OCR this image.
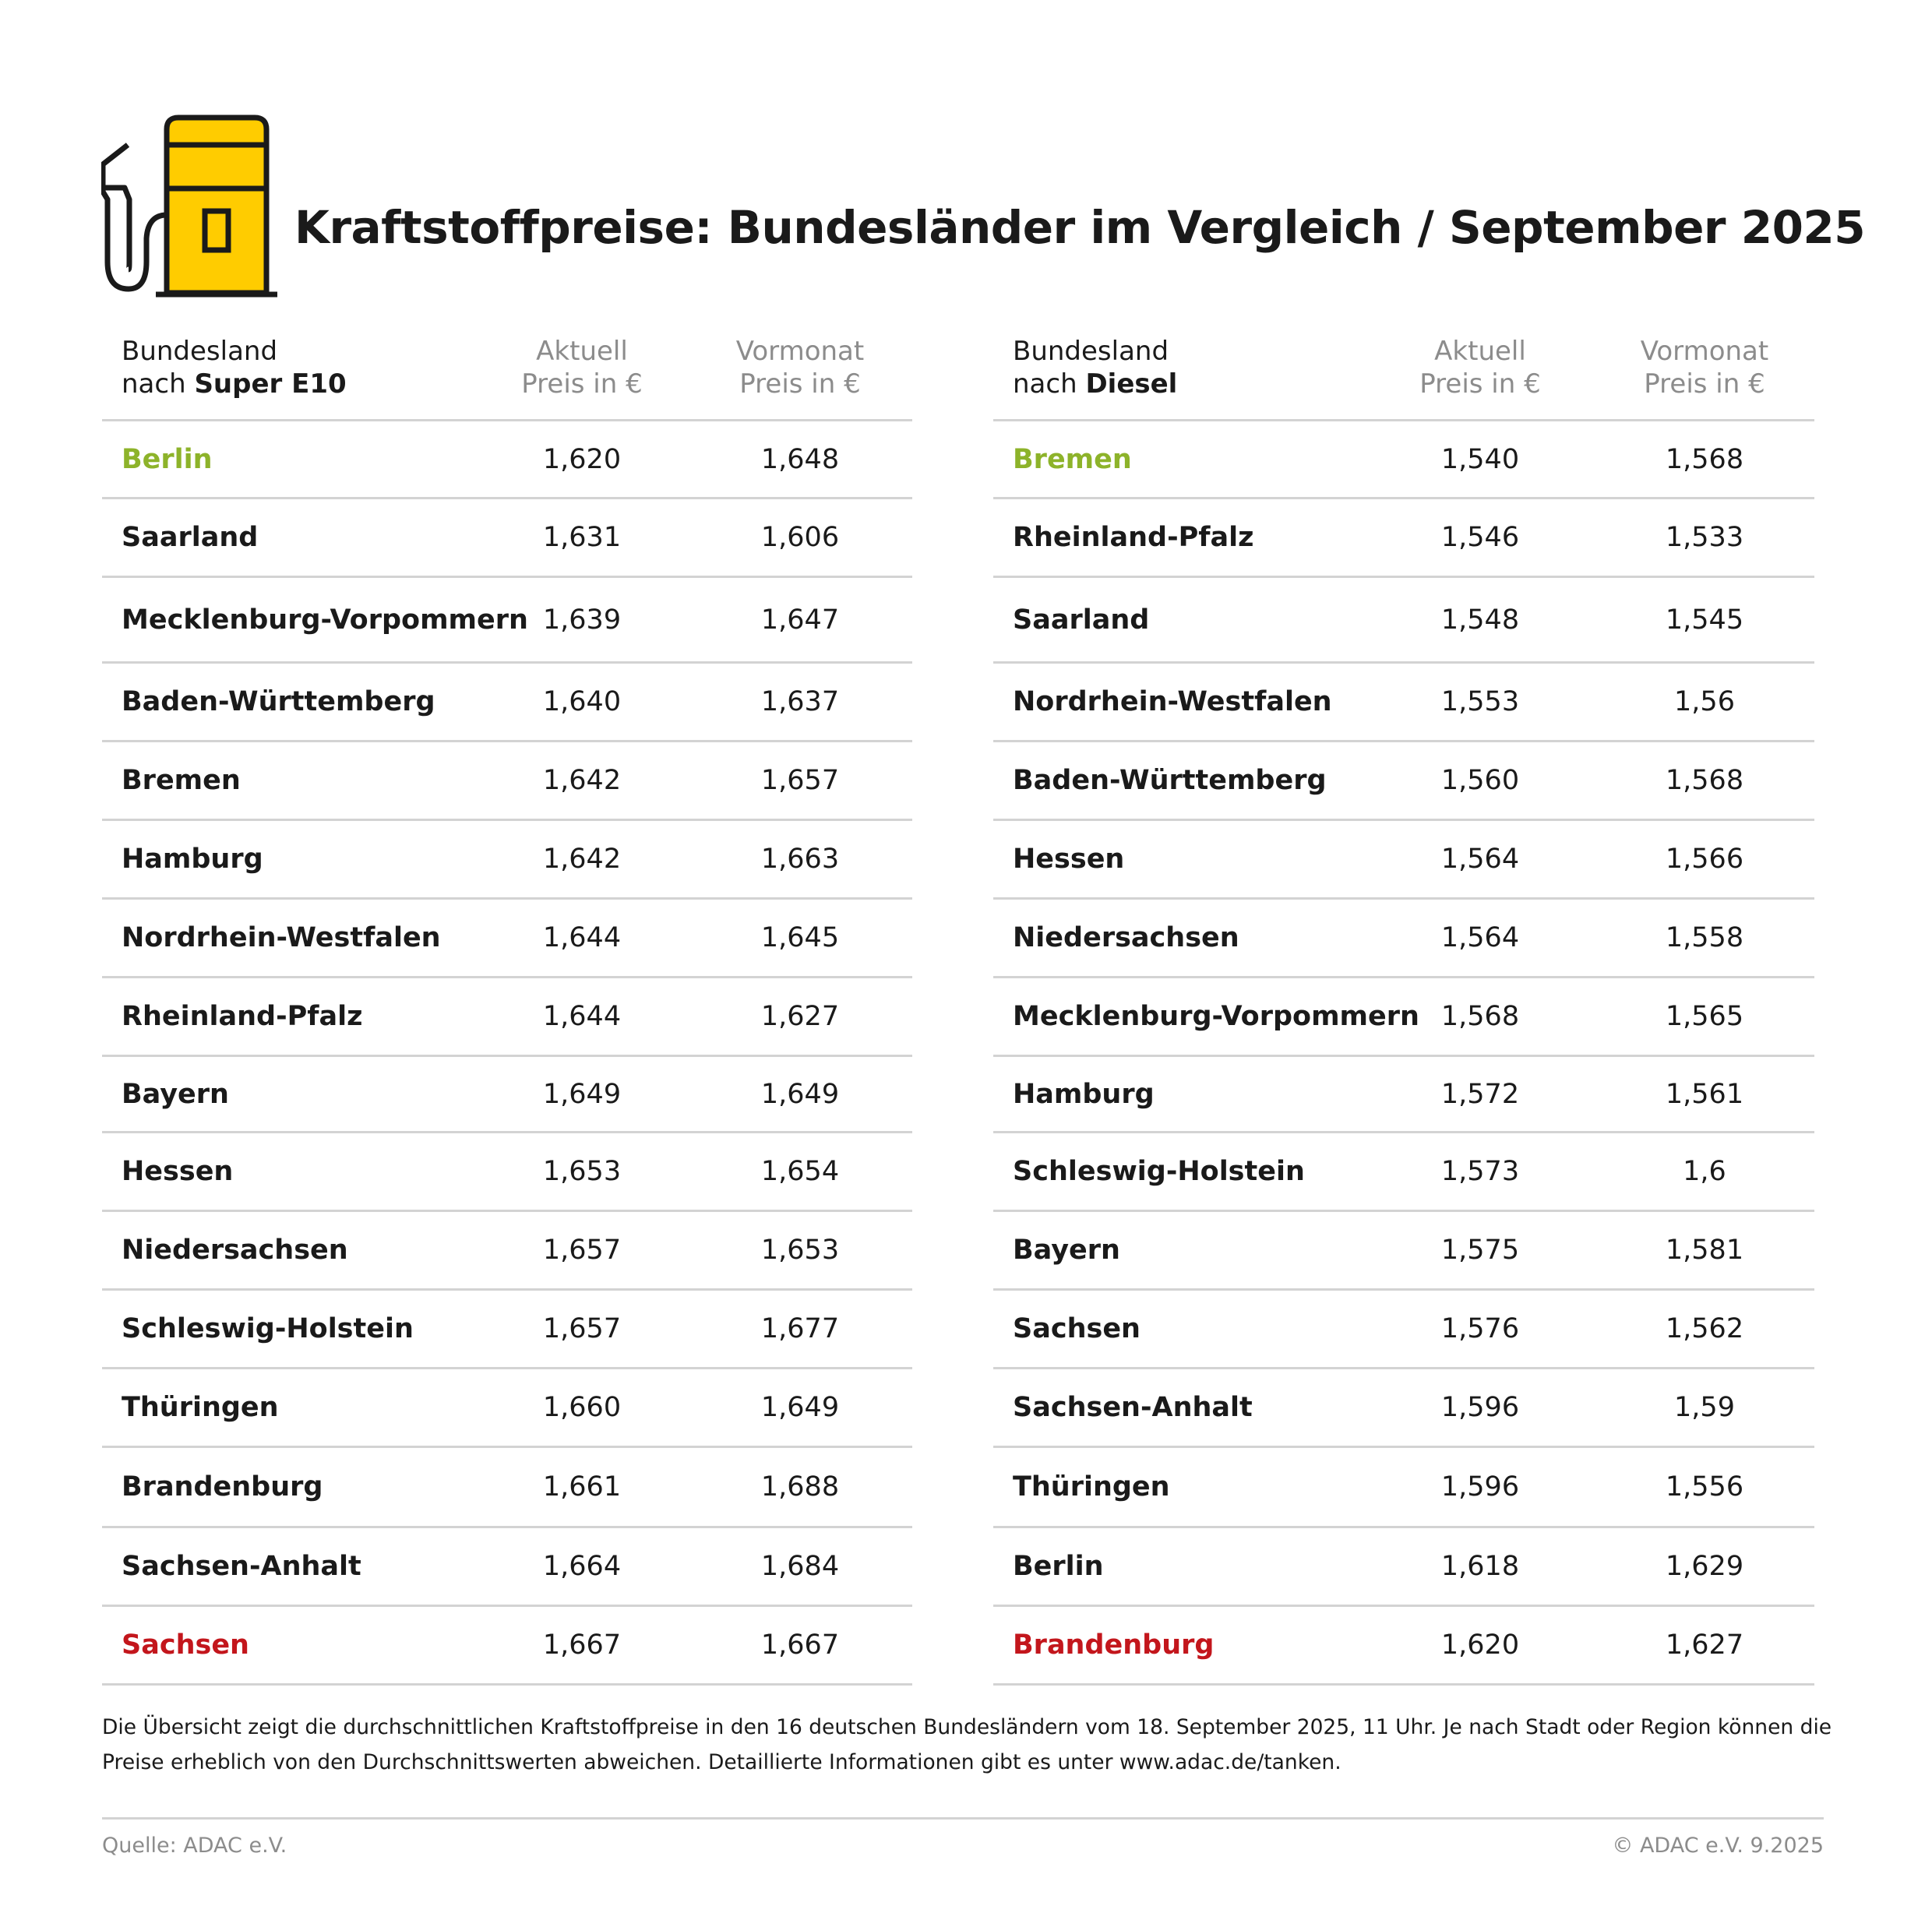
Kraftstoffpreise: Bundesländer im Vergleich / September 2025
Bundesland
nach Super E10
Aktuell
Preis in €
Vormonat
Preis in €
Berlin	1,620	1,648
Saarland	1,631	1,606
Mecklenburg-Vorpommern 1,639	1,647
Baden-Württemberg	1,640	1,637
Bremen	1,642	1,657
Hamburg	1,642	1,663
Nordrhein-Westfalen	1,644	1,645
Rheinland-Pfalz	1,644	1,627
Bayern	1,649	1,649
Hessen	1,653	1,654
Niedersachsen	1,657	1,653
Schleswig-Holstein	1,657	1,677
Thüringen	1,660	1,649
Brandenburg	1,661	1,688
Sachsen-Anhalt	1,664	1,684
Sachsen	1,667	1,667
Bundesland
nach Diesel
Aktuell
Preis in €
Vormonat
Preis in €
Bremen	1,540	1,568
Rheinland-Pfalz	1,546	1,533
Saarland	1,548	1,545
Nordrhein-Westfalen	1,553	1,56
Baden-Württemberg	1,560	1,568
Hessen	1,564	1,566
Niedersachsen	1,564	1,558
Mecklenburg-Vorpommern 1,568	1,565
Hamburg	1,572	1,561
Schleswig-Holstein	1,573	1,6
Bayern	1,575	1,581
Sachsen	1,576	1,562
Sachsen-Anhalt	1,596	1,59
Thüringen	1,596	1,556
Berlin	1,618	1,629
Brandenburg	1,620	1,627
Die Übersicht zeigt die durchschnittlichen Kraftstoffpreise in den 16 deutschen Bundesländern vom 18. September 2025, 11 Uhr. Je nach Stadt oder Region können die
Preise erheblich von den Durchschnittswerten abweichen. Detaillierte Informationen gibt es unter www.adac.de/tanken.
Quelle: ADAC e.V.	© ADAC e.V. 9.2025
